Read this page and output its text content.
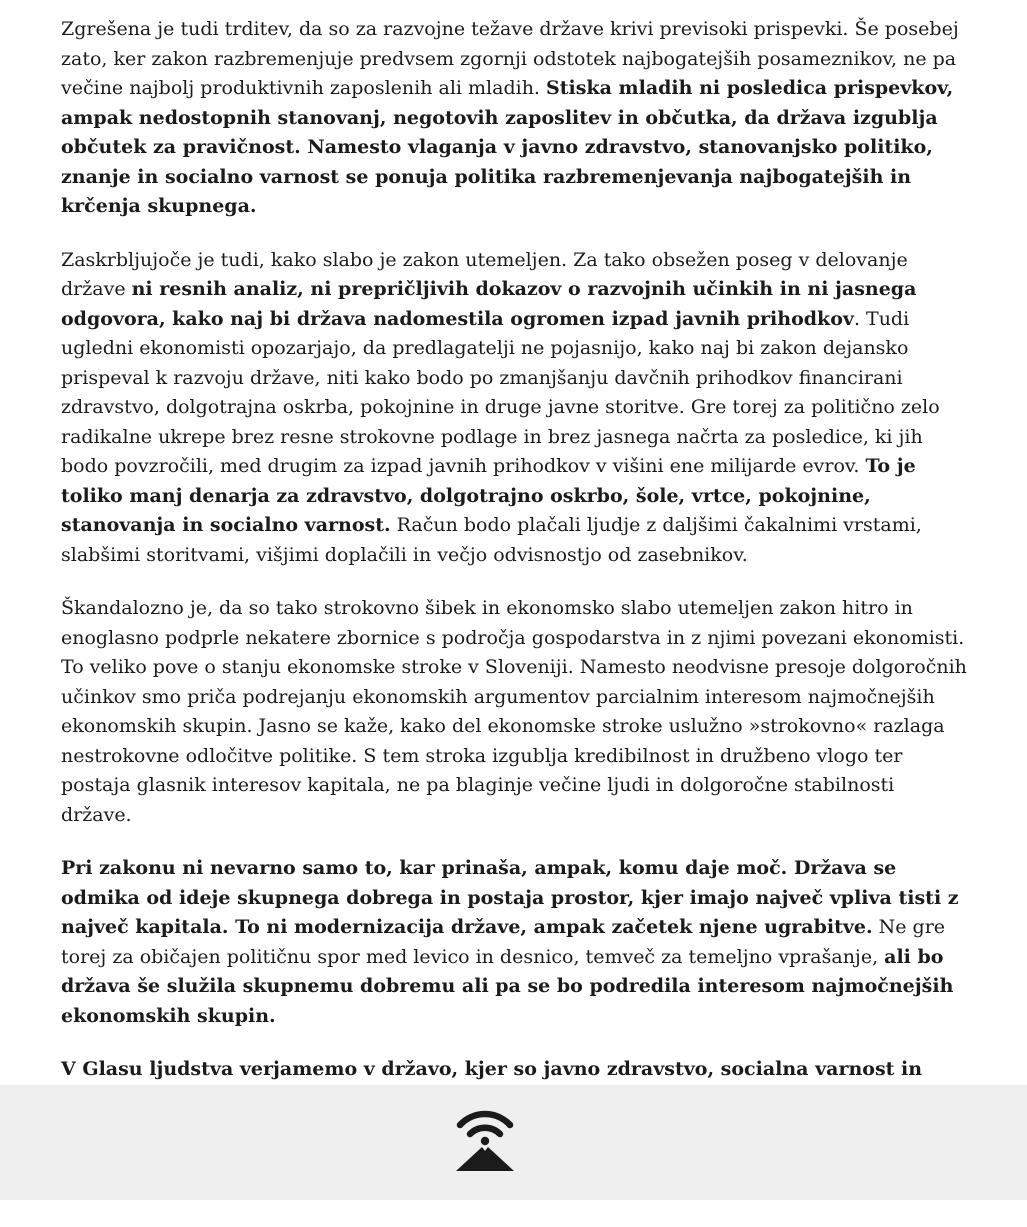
Zgrešena je tudi trditev, da so za razvojne težave države krivi previsoki prispevki. Še posebej zato, ker zakon razbremenjuje predvsem zgornji odstotek najbogatejših posameznikov, ne pa večine najbolj produktivnih zaposlenih ali mladih. Stiska mladih ni posledica prispevkov, ampak nedostopnih stanovanj, negotovih zaposlitev in občutka, da država izgublja občutek za pravičnost. Namesto vlaganja v javno zdravstvo, stanovanjsko politiko, znanje in socialno varnost se ponuja politika razbremenjevanja najbogatejših in krčenja skupnega.

Zaskrbljujoče je tudi, kako slabo je zakon utemeljen. Za tako obsežen poseg v delovanje države ni resnih analiz, ni prepričljivih dokazov o razvojnih učinkih in ni jasnega odgovora, kako naj bi država nadomestila ogromen izpad javnih prihodkov. Tudi ugledni ekonomisti opozarjajo, da predlagatelji ne pojasnijo, kako naj bi zakon dejansko prispeval k razvoju države, niti kako bodo po zmanjšanju davčnih prihodkov financirani zdravstvo, dolgotrajna oskrba, pokojnine in druge javne storitve. Gre torej za politično zelo radikalne ukrepe brez resne strokovne podlage in brez jasnega načrta za posledice, ki jih bodo povzročili, med drugim za izpad javnih prihodkov v višini ene milijarde evrov. To je toliko manj denarja za zdravstvo, dolgotrajno oskrbo, šole, vrtce, pokojnine, stanovanja in socialno varnost. Račun bodo plačali ljudje z daljšimi čakalnimi vrstami, slabšimi storitvami, višjimi doplačili in večjo odvisnostjo od zasebnikov.

Škandalozno je, da so tako strokovno šibek in ekonomsko slabo utemeljen zakon hitro in enoglasno podprle nekatere zbornice s področja gospodarstva in z njimi povezani ekonomisti. To veliko pove o stanju ekonomske stroke v Sloveniji. Namesto neodvisne presoje dolgoročnih učinkov smo priča podrejanju ekonomskih argumentov parcialnim interesom najmočnejših ekonomskih skupin. Jasno se kaže, kako del ekonomske stroke uslužno »strokovno« razlaga nestrokovne odločitve politike. S tem stroka izgublja kredibilnost in družbeno vlogo ter postaja glasnik interesov kapitala, ne pa blaginje večine ljudi in dolgoročne stabilnosti države.

Pri zakonu ni nevarno samo to, kar prinaša, ampak, komu daje moč. Država se odmika od ideje skupnega dobrega in postaja prostor, kjer imajo največ vpliva tisti z največ kapitala. To ni modernizacija države, ampak začetek njene ugrabitve. Ne gre torej za običajen političnu spor med levico in desnico, temveč za temeljno vprašanje, ali bo država še služila skupnemu dobremu ali pa se bo podredila interesom najmočnejših ekonomskih skupin.

V Glasu ljudstva verjamemo v državo, kjer so javno zdravstvo, socialna varnost in
